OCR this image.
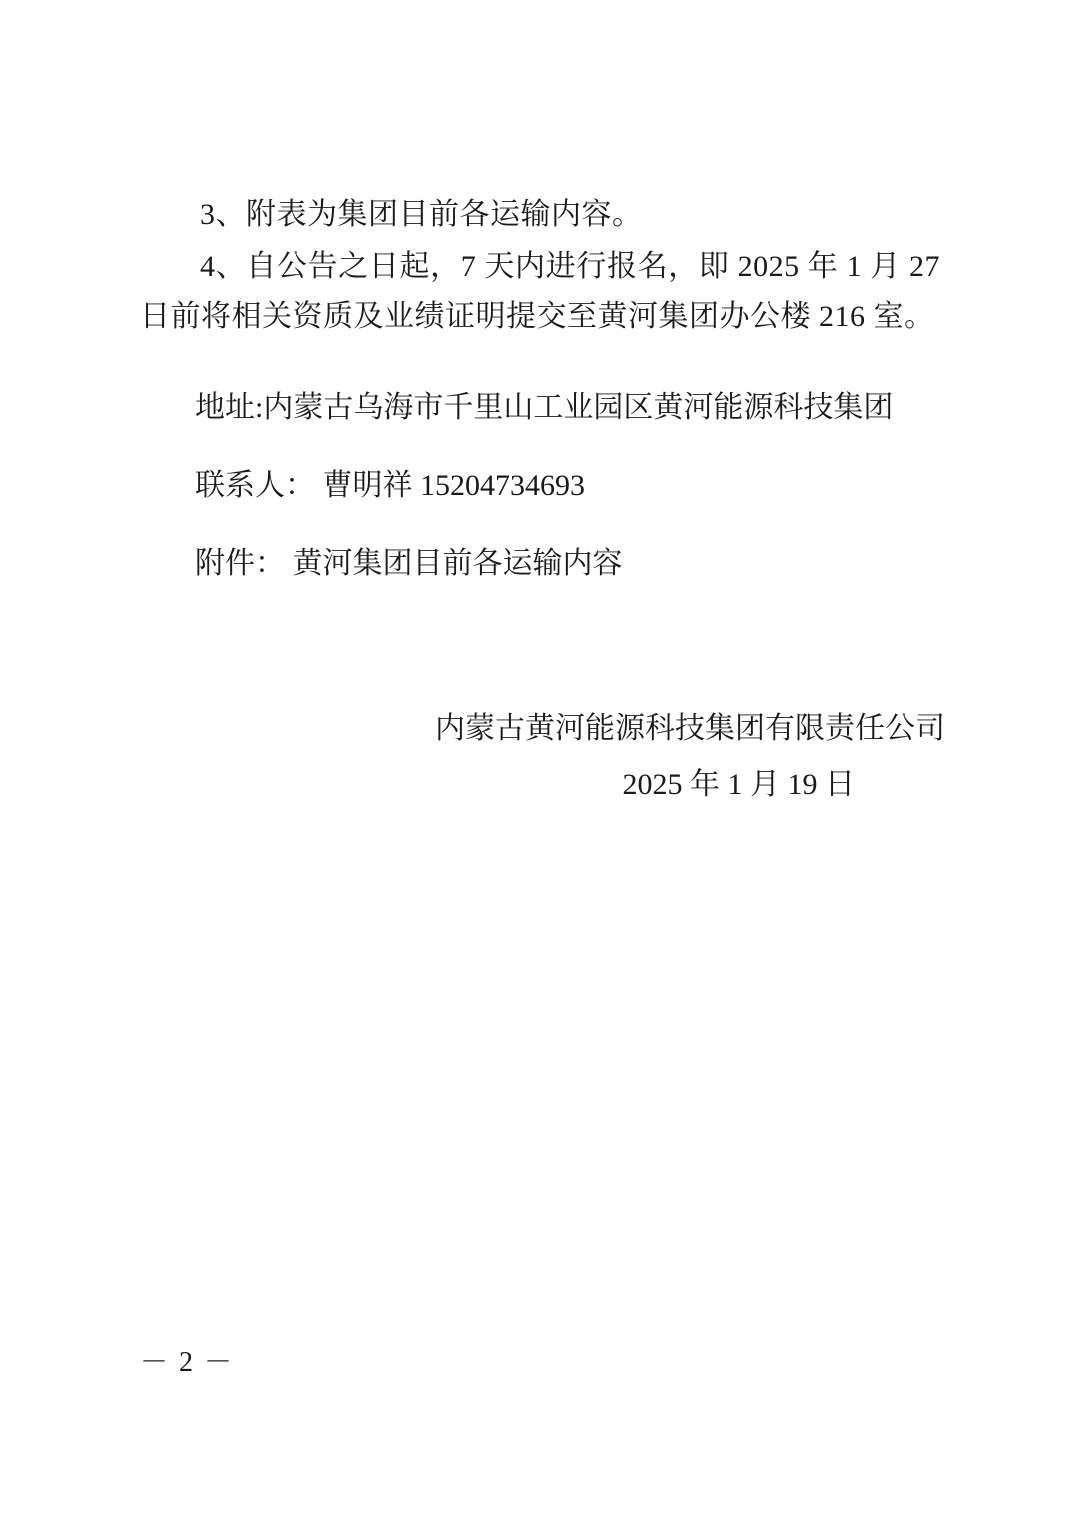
3、附表为集团目前各运输内容。

4、自公告之日起，7 天内进行报名，即 2025 年 1 月 27 日前将相关资质及业绩证明提交至黄河集团办公楼 216 室。

地址:内蒙古乌海市千里山工业园区黄河能源科技集团

联系人： 曹明祥 15204734693

附件： 黄河集团目前各运输内容

内蒙古黄河能源科技集团有限责任公司

2025 年 1 月 19 日

－ 2 －
